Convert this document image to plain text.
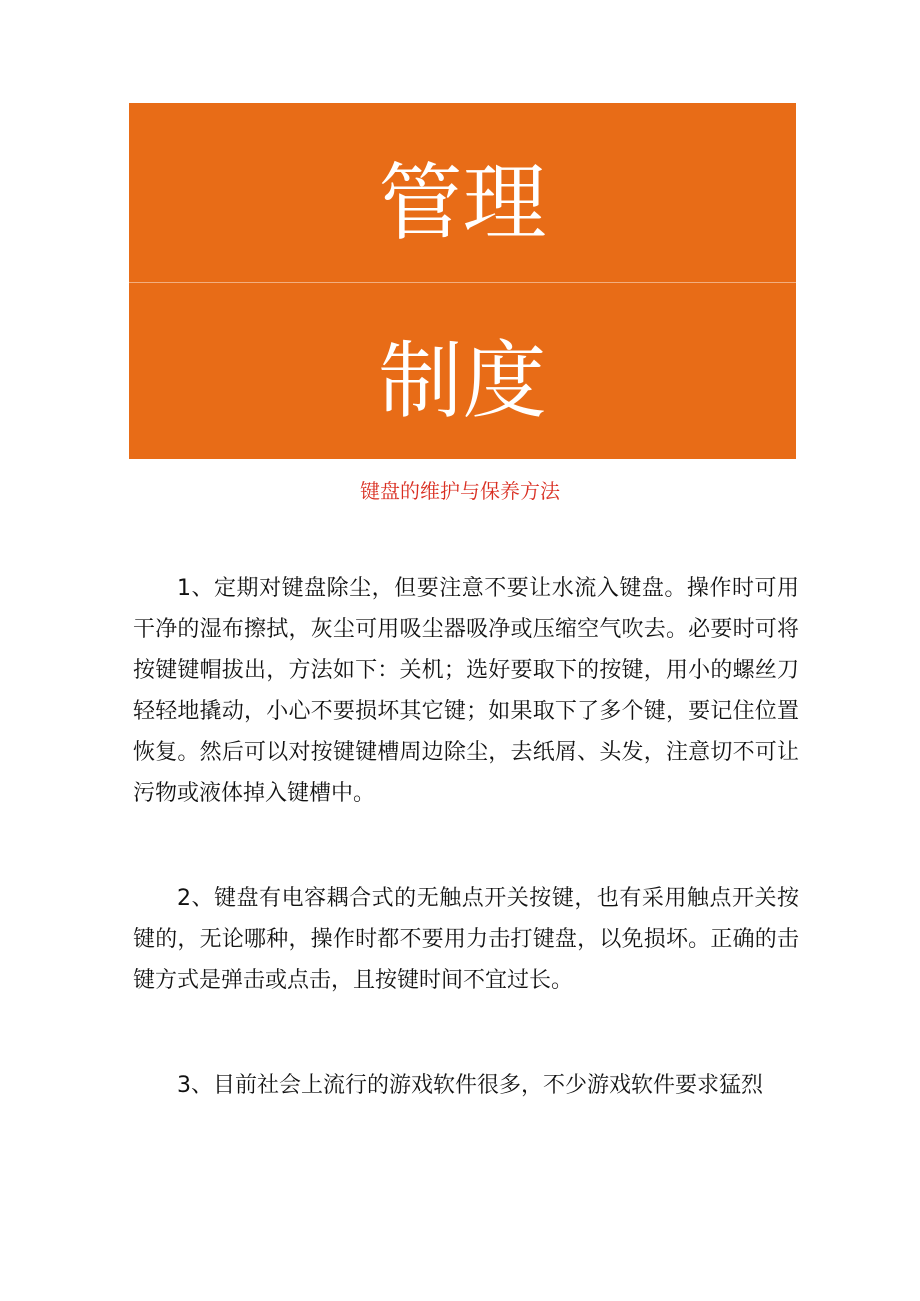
管理
制度
键盘的维护与保养方法

1、定期对键盘除尘，但要注意不要让水流入键盘。操作时可用干净的湿布擦拭，灰尘可用吸尘器吸净或压缩空气吹去。必要时可将按键键帽拔出，方法如下：关机；选好要取下的按键，用小的螺丝刀轻轻地撬动，小心不要损坏其它键；如果取下了多个键，要记住位置恢复。然后可以对按键键槽周边除尘，去纸屑、头发，注意切不可让污物或液体掉入键槽中。

2、键盘有电容耦合式的无触点开关按键，也有采用触点开关按键的，无论哪种，操作时都不要用力击打键盘，以免损坏。正确的击键方式是弹击或点击，且按键时间不宜过长。

3、目前社会上流行的游戏软件很多，不少游戏软件要求猛烈
